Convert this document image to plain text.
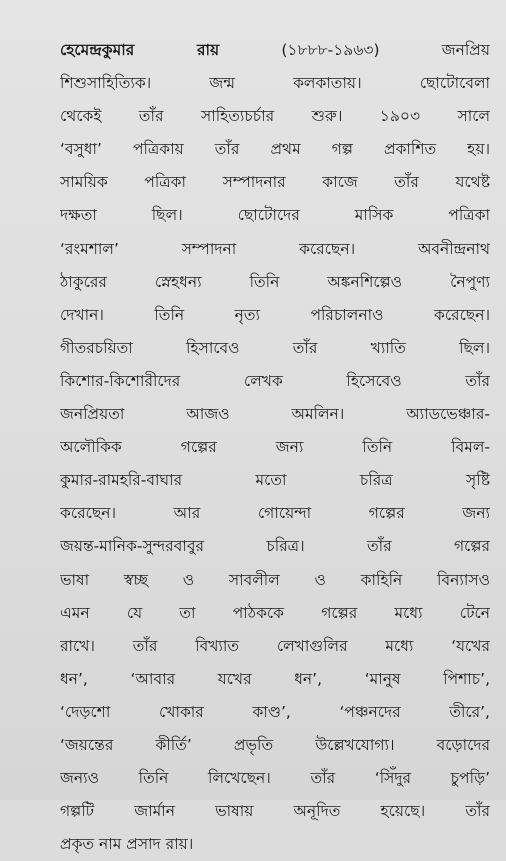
হেমেন্দ্রকুমার রায় (১৮৮৮-১৯৬৩) জনপ্রিয়
শিশুসাহিত্যিক। জন্ম কলকাতায়। ছোটোবেলা
থেকেই তাঁর সাহিত্যচর্চার শুরু। ১৯০৩ সালে
‘বসুধা’ পত্রিকায় তাঁর প্রথম গল্প প্রকাশিত হয়।
সাময়িক পত্রিকা সম্পাদনার কাজে তাঁর যথেষ্ট
দক্ষতা ছিল। ছোটোদের মাসিক পত্রিকা
‘রংমশাল’ সম্পাদনা করেছেন। অবনীন্দ্রনাথ
ঠাকুরের স্নেহধন্য তিনি অঙ্কনশিল্পেও নৈপুণ্য
দেখান। তিনি নৃত্য পরিচালনাও করেছেন।
গীতরচয়িতা হিসাবেও তাঁর খ্যাতি ছিল।
কিশোর-কিশোরীদের লেখক হিসেবেও তাঁর
জনপ্রিয়তা আজও অমলিন। অ্যাডভেঞ্চার-
অলৌকিক গল্পের জন্য তিনি বিমল-
কুমার-রামহরি-বাঘার মতো চরিত্র সৃষ্টি
করেছেন। আর গোয়েন্দা গল্পের জন্য
জয়ন্ত-মানিক-সুন্দরবাবুর চরিত্র। তাঁর গল্পের
ভাষা স্বচ্ছ ও সাবলীল ও কাহিনি বিন্যাসও
এমন যে তা পাঠককে গল্পের মধ্যে টেনে
রাখে। তাঁর বিখ্যাত লেখাগুলির মধ্যে ‘যখের
ধন’, ‘আবার যখের ধন’, ‘মানুষ পিশাচ’,
‘দেড়শো খোকার কাণ্ড’, ‘পঞ্চনদের তীরে’,
‘জয়ন্তের কীর্তি’ প্রভৃতি উল্লেখযোগ্য। বড়োদের
জন্যও তিনি লিখেছেন। তাঁর ‘সিঁদুর চুপড়ি’
গল্পটি জার্মান ভাষায় অনূদিত হয়েছে। তাঁর
প্রকৃত নাম প্রসাদ রায়।
